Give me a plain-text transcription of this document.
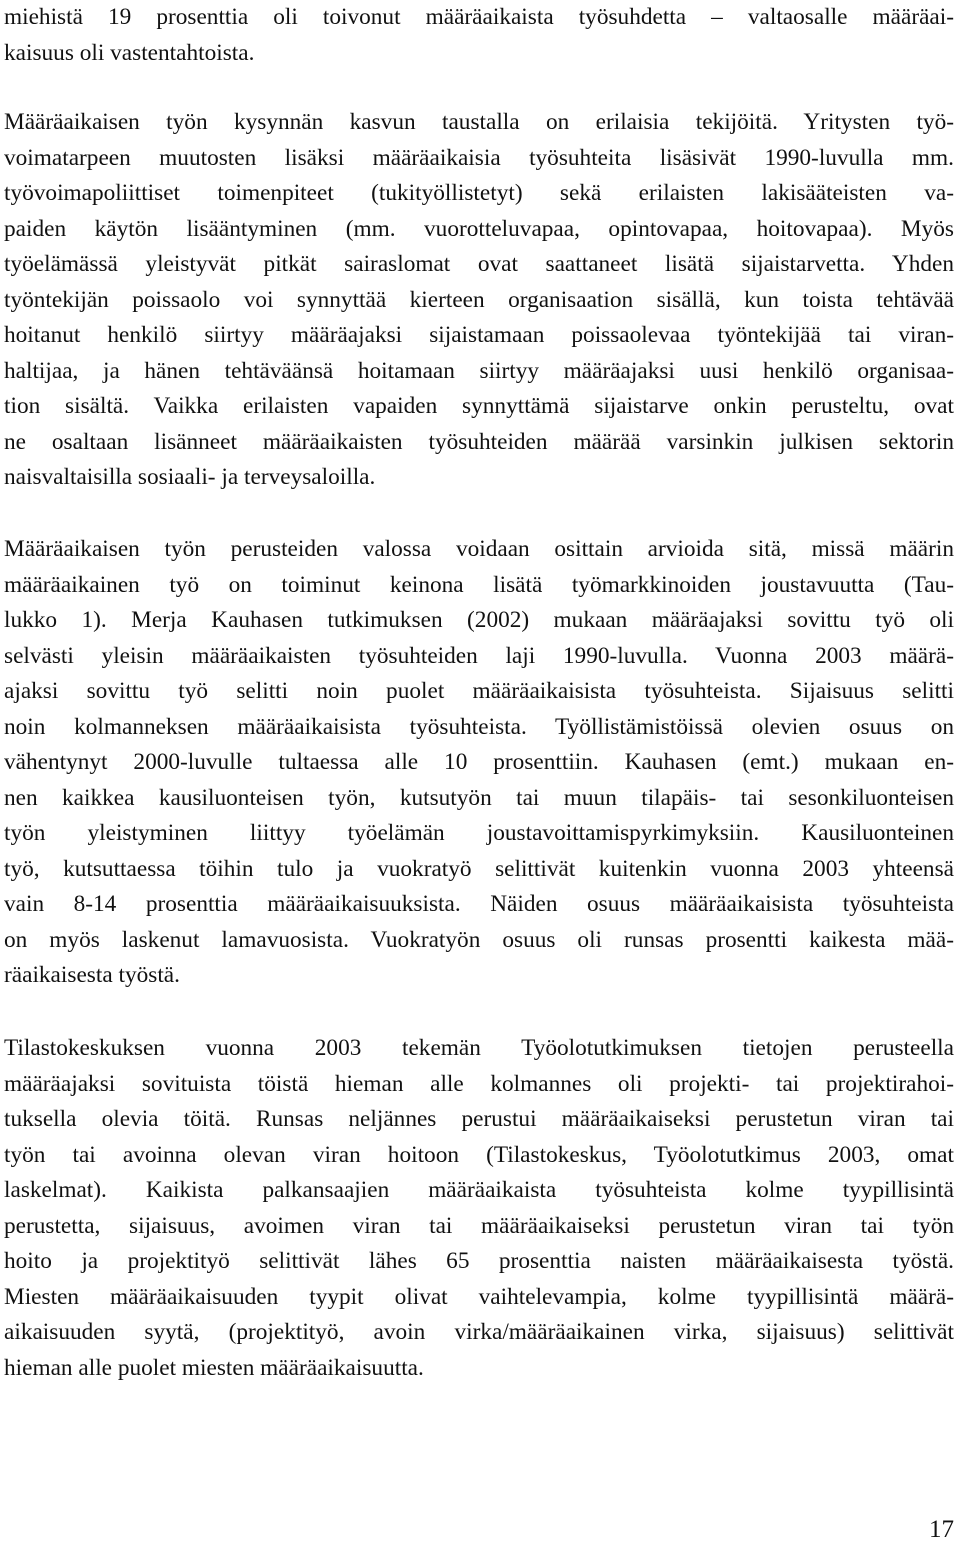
miehistä 19 prosenttia oli toivonut määräaikaista työsuhdetta – valtaosalle määräai-
kaisuus oli vastentahtoista.
Määräaikaisen työn kysynnän kasvun taustalla on erilaisia tekijöitä. Yritysten työ-
voimatarpeen muutosten lisäksi määräaikaisia työsuhteita lisäsivät 1990-luvulla mm.
työvoimapoliittiset toimenpiteet (tukityöllistetyt) sekä erilaisten lakisääteisten va-
paiden käytön lisääntyminen (mm. vuorotteluvapaa, opintovapaa, hoitovapaa). Myös
työelämässä yleistyvät pitkät sairaslomat ovat saattaneet lisätä sijaistarvetta. Yhden
työntekijän poissaolo voi synnyttää kierteen organisaation sisällä, kun toista tehtävää
hoitanut henkilö siirtyy määräajaksi sijaistamaan poissaolevaa työntekijää tai viran-
haltijaa, ja hänen tehtäväänsä hoitamaan siirtyy määräajaksi uusi henkilö organisaa-
tion sisältä. Vaikka erilaisten vapaiden synnyttämä sijaistarve onkin perusteltu, ovat
ne osaltaan lisänneet määräaikaisten työsuhteiden määrää varsinkin julkisen sektorin
naisvaltaisilla sosiaali- ja terveysaloilla.
Määräaikaisen työn perusteiden valossa voidaan osittain arvioida sitä, missä määrin
määräaikainen työ on toiminut keinona lisätä työmarkkinoiden joustavuutta (Tau-
lukko 1). Merja Kauhasen tutkimuksen (2002) mukaan määräajaksi sovittu työ oli
selvästi yleisin määräaikaisten työsuhteiden laji 1990-luvulla. Vuonna 2003 määrä-
ajaksi sovittu työ selitti noin puolet määräaikaisista työsuhteista. Sijaisuus selitti
noin kolmanneksen määräaikaisista työsuhteista. Työllistämistöissä olevien osuus on
vähentynyt 2000-luvulle tultaessa alle 10 prosenttiin. Kauhasen (emt.) mukaan en-
nen kaikkea kausiluonteisen työn, kutsutyön tai muun tilapäis- tai sesonkiluonteisen
työn yleistyminen liittyy työelämän joustavoittamispyrkimyksiin. Kausiluonteinen
työ, kutsuttaessa töihin tulo ja vuokratyö selittivät kuitenkin vuonna 2003 yhteensä
vain 8-14 prosenttia määräaikaisuuksista. Näiden osuus määräaikaisista työsuhteista
on myös laskenut lamavuosista. Vuokratyön osuus oli runsas prosentti kaikesta mää-
räaikaisesta työstä.
Tilastokeskuksen vuonna 2003 tekemän Työolotutkimuksen tietojen perusteella
määräajaksi sovituista töistä hieman alle kolmannes oli projekti- tai projektirahoi-
tuksella olevia töitä. Runsas neljännes perustui määräaikaiseksi perustetun viran tai
työn tai avoinna olevan viran hoitoon (Tilastokeskus, Työolotutkimus 2003, omat
laskelmat). Kaikista palkansaajien määräaikaista työsuhteista kolme tyypillisintä
perustetta, sijaisuus, avoimen viran tai määräaikaiseksi perustetun viran tai työn
hoito ja projektityö selittivät lähes 65 prosenttia naisten määräaikaisesta työstä.
Miesten määräaikaisuuden tyypit olivat vaihtelevampia, kolme tyypillisintä määrä-
aikaisuuden syytä, (projektityö, avoin virka/määräaikainen virka, sijaisuus) selittivät
hieman alle puolet miesten määräaikaisuutta.
17
